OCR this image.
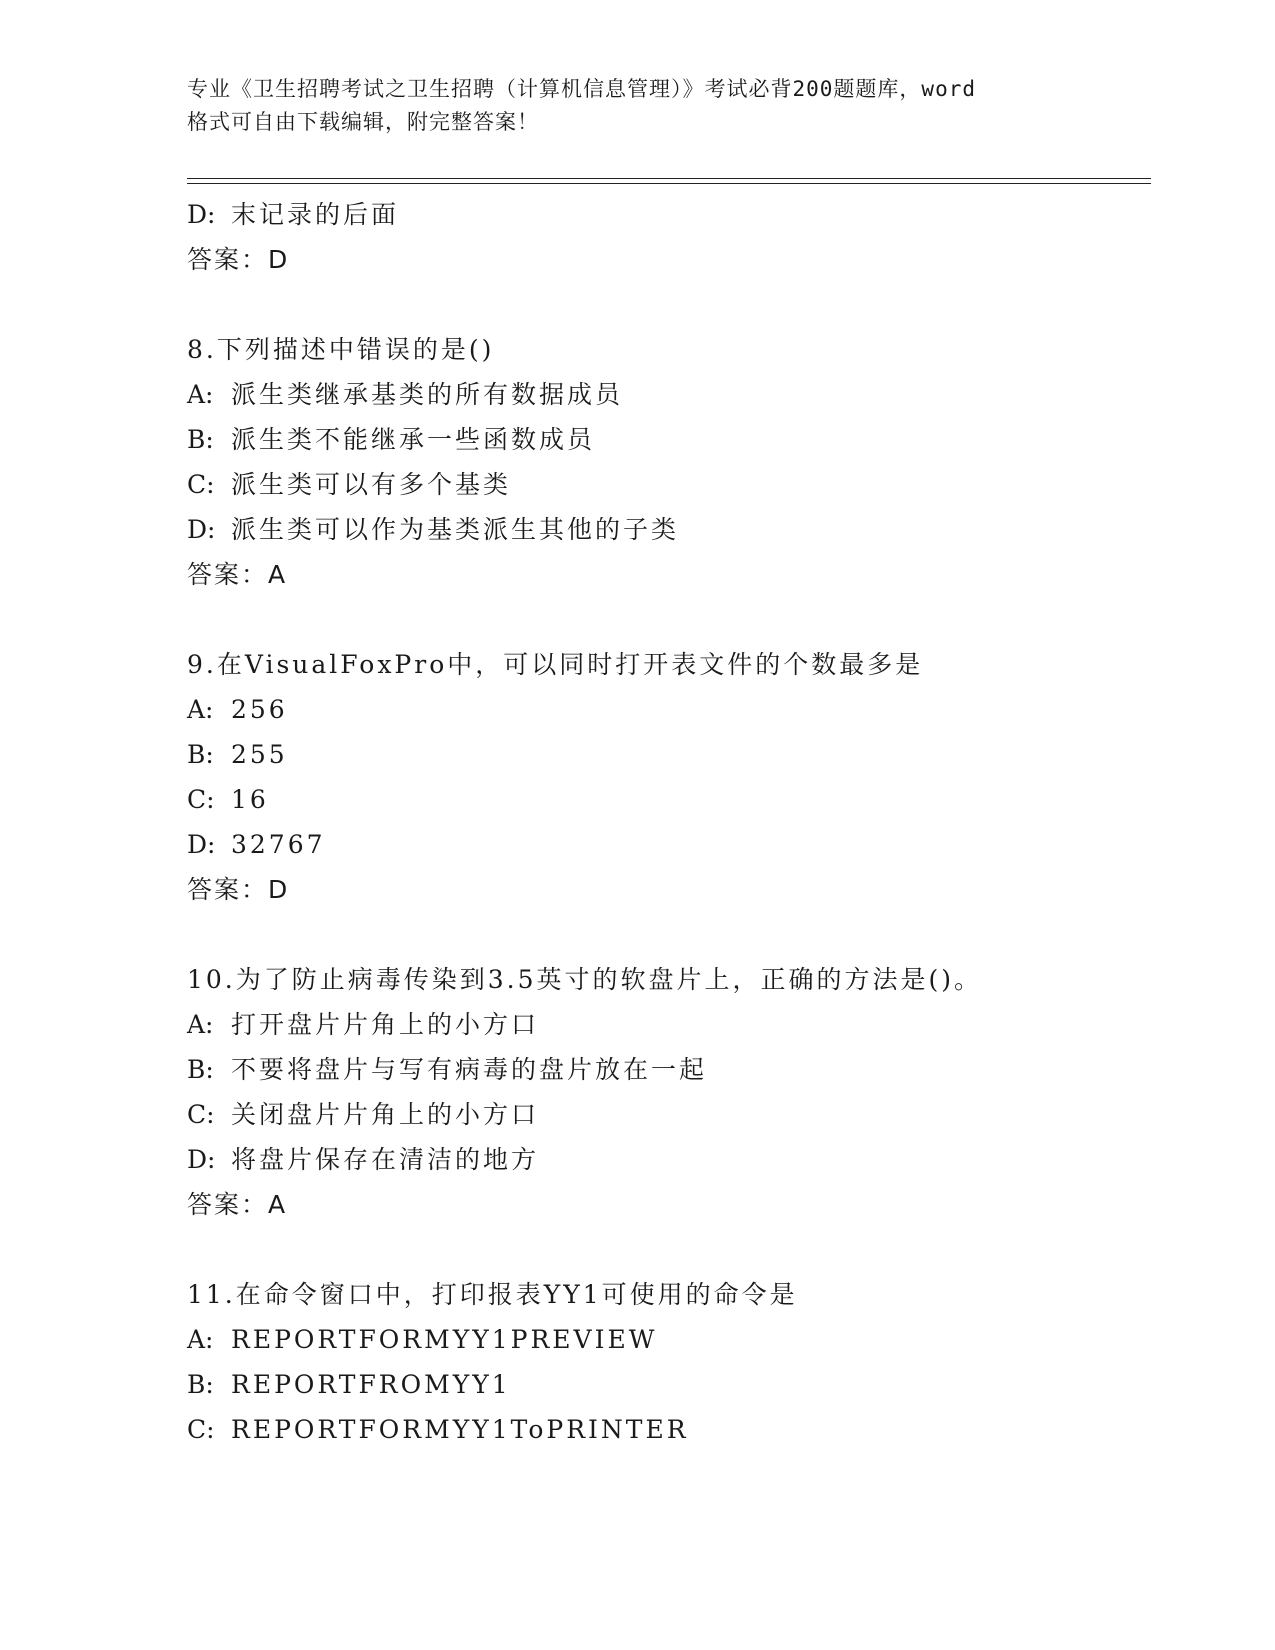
专业《卫生招聘考试之卫生招聘（计算机信息管理）》考试必背200题题库，word
格式可自由下载编辑，附完整答案！
D: 末记录的后面
答案：D
8.下列描述中错误的是()
A: 派生类继承基类的所有数据成员
B: 派生类不能继承一些函数成员
C: 派生类可以有多个基类
D: 派生类可以作为基类派生其他的子类
答案：A
9.在VisualFoxPro中，可以同时打开表文件的个数最多是
A: 256
B: 255
C: 16
D: 32767
答案：D
10.为了防止病毒传染到3.5英寸的软盘片上，正确的方法是()。
A: 打开盘片片角上的小方口
B: 不要将盘片与写有病毒的盘片放在一起
C: 关闭盘片片角上的小方口
D: 将盘片保存在清洁的地方
答案：A
11.在命令窗口中，打印报表YY1可使用的命令是
A: REPORTFORMYY1PREVIEW
B: REPORTFROMYY1
C: REPORTFORMYY1ToPRINTER
